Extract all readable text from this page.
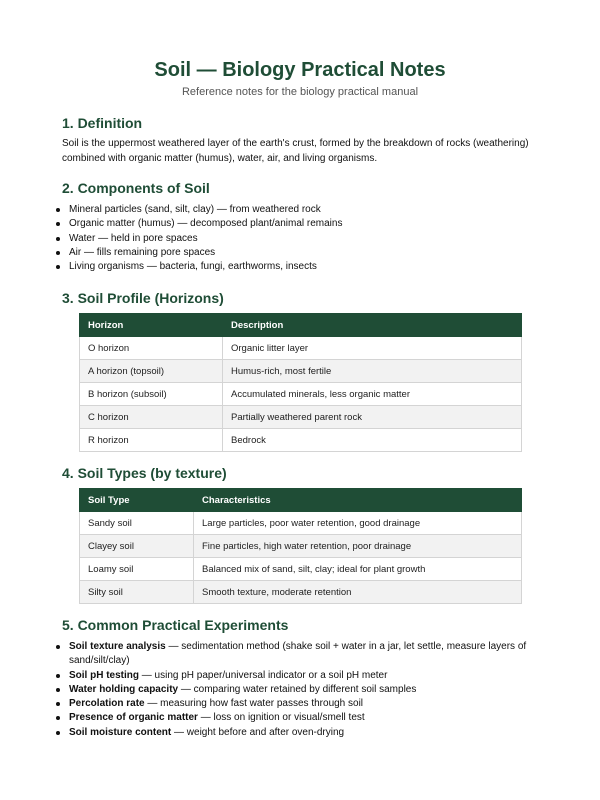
Soil — Biology Practical Notes
Reference notes for the biology practical manual
1. Definition
Soil is the uppermost weathered layer of the earth's crust, formed by the breakdown of rocks (weathering) combined with organic matter (humus), water, air, and living organisms.
2. Components of Soil
Mineral particles (sand, silt, clay) — from weathered rock
Organic matter (humus) — decomposed plant/animal remains
Water — held in pore spaces
Air — fills remaining pore spaces
Living organisms — bacteria, fungi, earthworms, insects
3. Soil Profile (Horizons)
Horizon	Description
O horizon	Organic litter layer
A horizon (topsoil)	Humus-rich, most fertile
B horizon (subsoil)	Accumulated minerals, less organic matter
C horizon	Partially weathered parent rock
R horizon	Bedrock
4. Soil Types (by texture)
Soil Type	Characteristics
Sandy soil	Large particles, poor water retention, good drainage
Clayey soil	Fine particles, high water retention, poor drainage
Loamy soil	Balanced mix of sand, silt, clay; ideal for plant growth
Silty soil	Smooth texture, moderate retention
5. Common Practical Experiments
Soil texture analysis — sedimentation method (shake soil + water in a jar, let settle, measure layers of sand/silt/clay)
Soil pH testing — using pH paper/universal indicator or a soil pH meter
Water holding capacity — comparing water retained by different soil samples
Percolation rate — measuring how fast water passes through soil
Presence of organic matter — loss on ignition or visual/smell test
Soil moisture content — weight before and after oven-drying
